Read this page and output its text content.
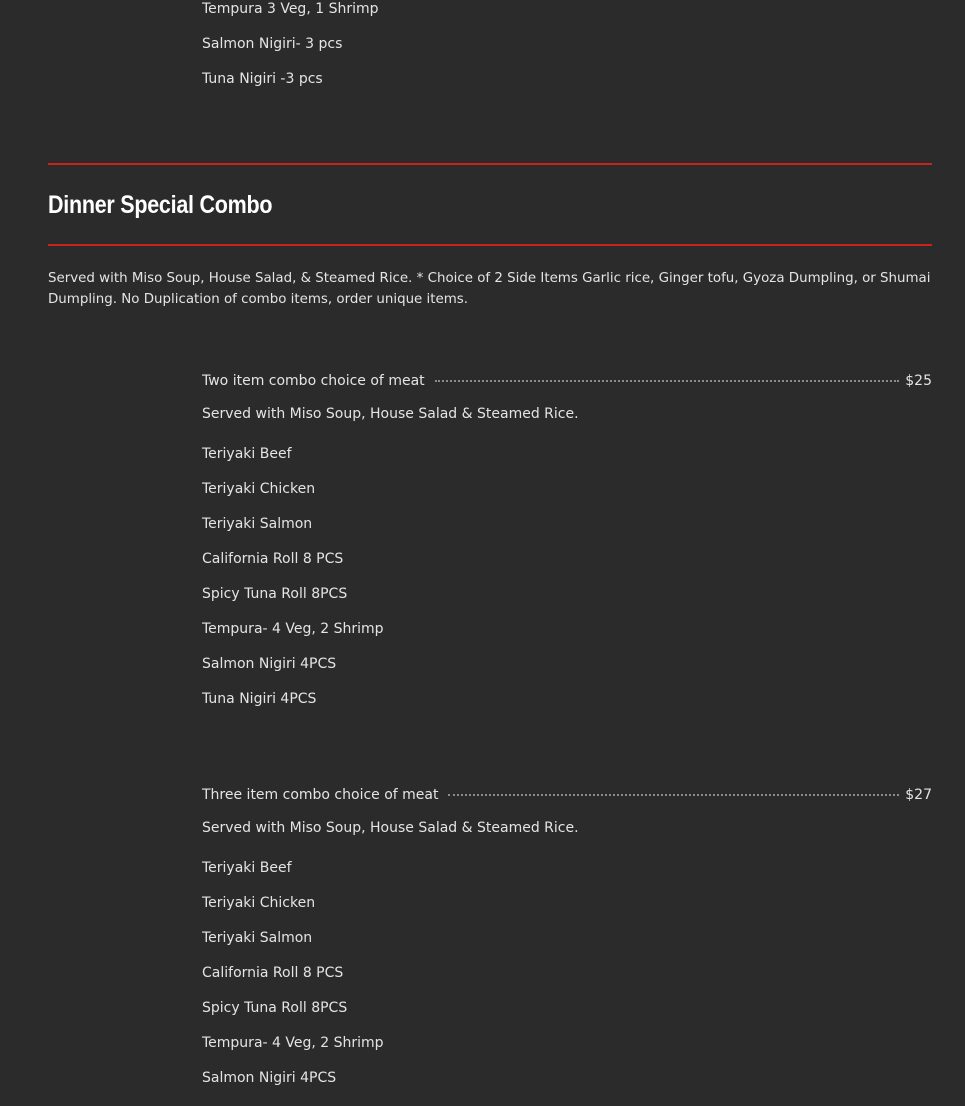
Tempura 3 Veg, 1 Shrimp
Salmon Nigiri- 3 pcs
Tuna Nigiri -3 pcs
Dinner Special Combo
Served with Miso Soup, House Salad, & Steamed Rice. * Choice of 2 Side Items Garlic rice, Ginger tofu, Gyoza Dumpling, or Shumai Dumpling. No Duplication of combo items, order unique items.
Two item combo choice of meat	$25
Served with Miso Soup, House Salad & Steamed Rice.
Teriyaki Beef
Teriyaki Chicken
Teriyaki Salmon
California Roll 8 PCS
Spicy Tuna Roll 8PCS
Tempura- 4 Veg, 2 Shrimp
Salmon Nigiri 4PCS
Tuna Nigiri 4PCS
Three item combo choice of meat	$27
Served with Miso Soup, House Salad & Steamed Rice.
Teriyaki Beef
Teriyaki Chicken
Teriyaki Salmon
California Roll 8 PCS
Spicy Tuna Roll 8PCS
Tempura- 4 Veg, 2 Shrimp
Salmon Nigiri 4PCS
